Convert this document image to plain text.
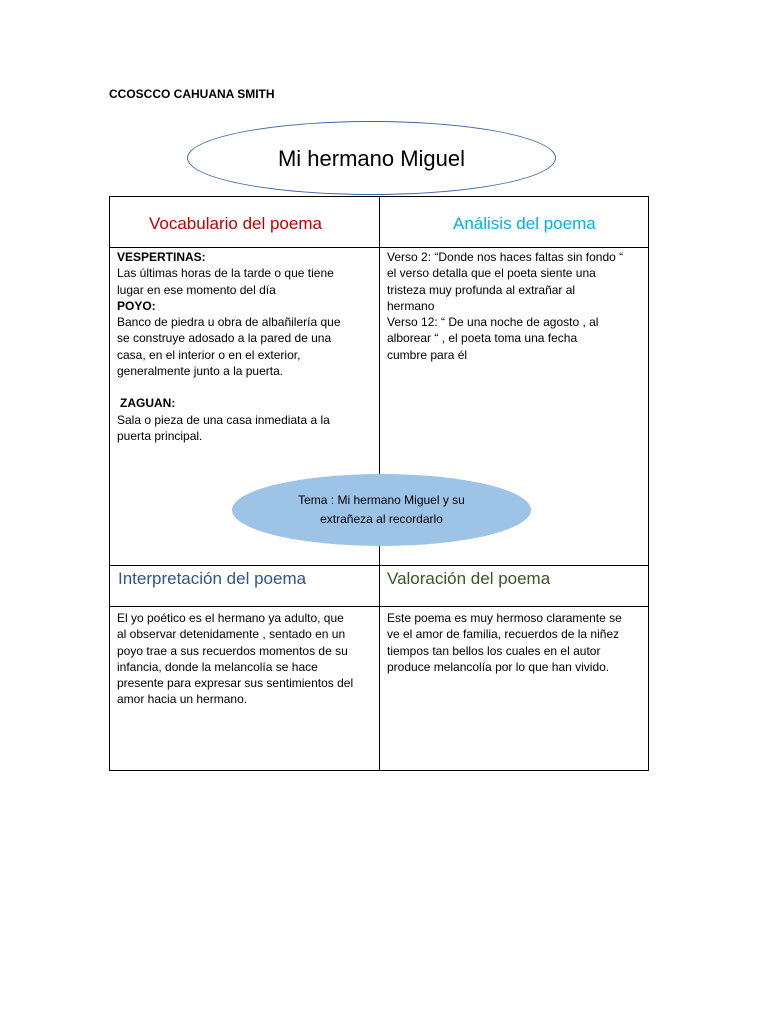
CCOSCCO CAHUANA SMITH
Mi hermano Miguel
Vocabulario del poema	Análisis del poema
Interpretación del poema	Valoración del poema
VESPERTINAS:
Las últimas horas de la tarde o que tiene
lugar en ese momento del día
POYO:
Banco de piedra u obra de albañilería que
se construye adosado a la pared de una
casa, en el interior o en el exterior,
generalmente junto a la puerta.
ZAGUAN:
Sala o pieza de una casa inmediata a la
puerta principal.
Verso 2: “Donde nos haces faltas sin fondo “
el verso detalla que el poeta siente una
tristeza muy profunda al extrañar al
hermano
Verso 12: “ De una noche de agosto , al
alborear “ , el poeta toma una fecha
cumbre para él
El yo poético es el hermano ya adulto, que
al observar detenidamente , sentado en un
poyo trae a sus recuerdos momentos de su
infancia, donde la melancolía se hace
presente para expresar sus sentimientos del
amor hacia un hermano.
Este poema es muy hermoso claramente se
ve el amor de familia, recuerdos de la niñez
tiempos tan bellos los cuales en el autor
produce melancolía por lo que han vivido.
Tema : Mi hermano Miguel y su
extrañeza al recordarlo
